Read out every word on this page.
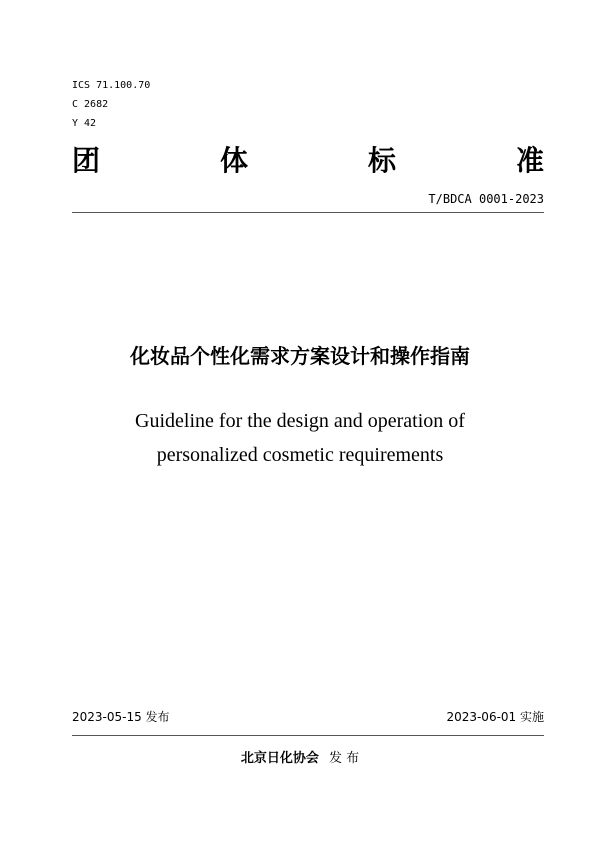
ICS 71.100.70
C 2682
Y 42
团	体	标	准
T/BDCA 0001-2023
化妆品个性化需求方案设计和操作指南
Guideline for the design and operation of
personalized cosmetic requirements
2023-05-15 发布	2023-06-01 实施
北京日化协会 发 布
